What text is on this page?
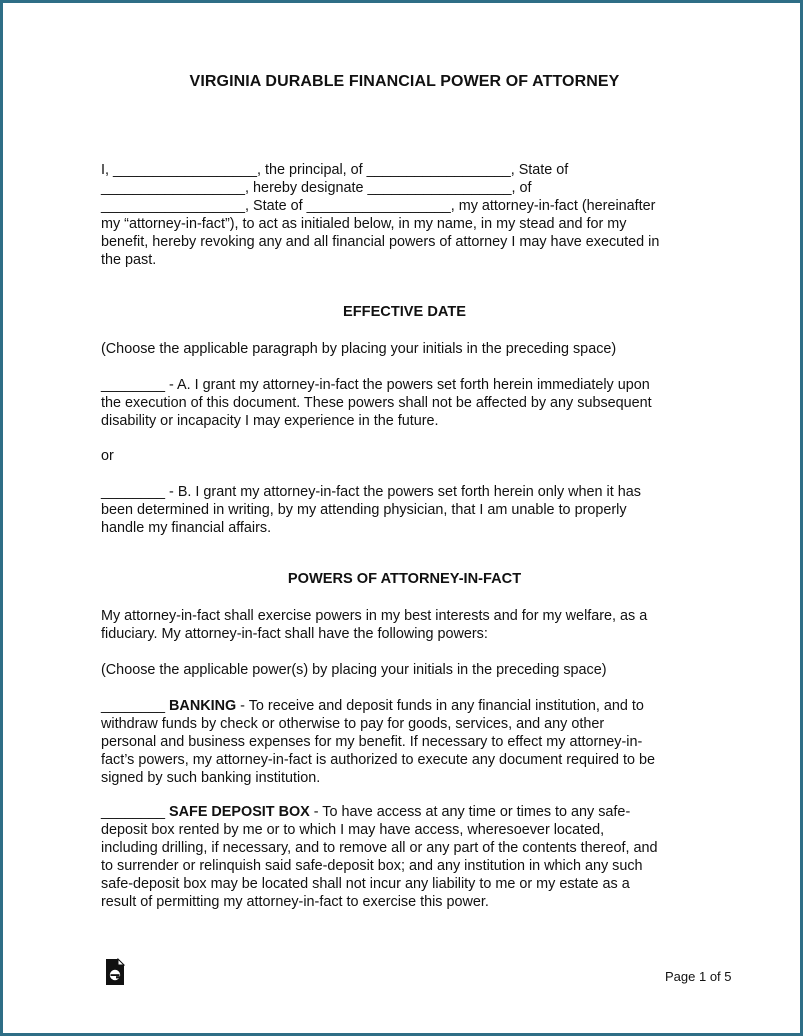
VIRGINIA DURABLE FINANCIAL POWER OF ATTORNEY
I, __________________, the principal, of __________________, State of
__________________, hereby designate __________________, of
__________________, State of __________________, my attorney-in-fact (hereinafter
my “attorney-in-fact”), to act as initialed below, in my name, in my stead and for my
benefit, hereby revoking any and all financial powers of attorney I may have executed in
the past.
EFFECTIVE DATE
(Choose the applicable paragraph by placing your initials in the preceding space)
________ - A. I grant my attorney-in-fact the powers set forth herein immediately upon
the execution of this document. These powers shall not be affected by any subsequent
disability or incapacity I may experience in the future.
or
________ - B. I grant my attorney-in-fact the powers set forth herein only when it has
been determined in writing, by my attending physician, that I am unable to properly
handle my financial affairs.
POWERS OF ATTORNEY-IN-FACT
My attorney-in-fact shall exercise powers in my best interests and for my welfare, as a
fiduciary. My attorney-in-fact shall have the following powers:
(Choose the applicable power(s) by placing your initials in the preceding space)
________ BANKING - To receive and deposit funds in any financial institution, and to
withdraw funds by check or otherwise to pay for goods, services, and any other
personal and business expenses for my benefit. If necessary to effect my attorney-in-
fact’s powers, my attorney-in-fact is authorized to execute any document required to be
signed by such banking institution.
________ SAFE DEPOSIT BOX - To have access at any time or times to any safe-
deposit box rented by me or to which I may have access, wheresoever located,
including drilling, if necessary, and to remove all or any part of the contents thereof, and
to surrender or relinquish said safe-deposit box; and any institution in which any such
safe-deposit box may be located shall not incur any liability to me or my estate as a
result of permitting my attorney-in-fact to exercise this power.
Page 1 of 5
